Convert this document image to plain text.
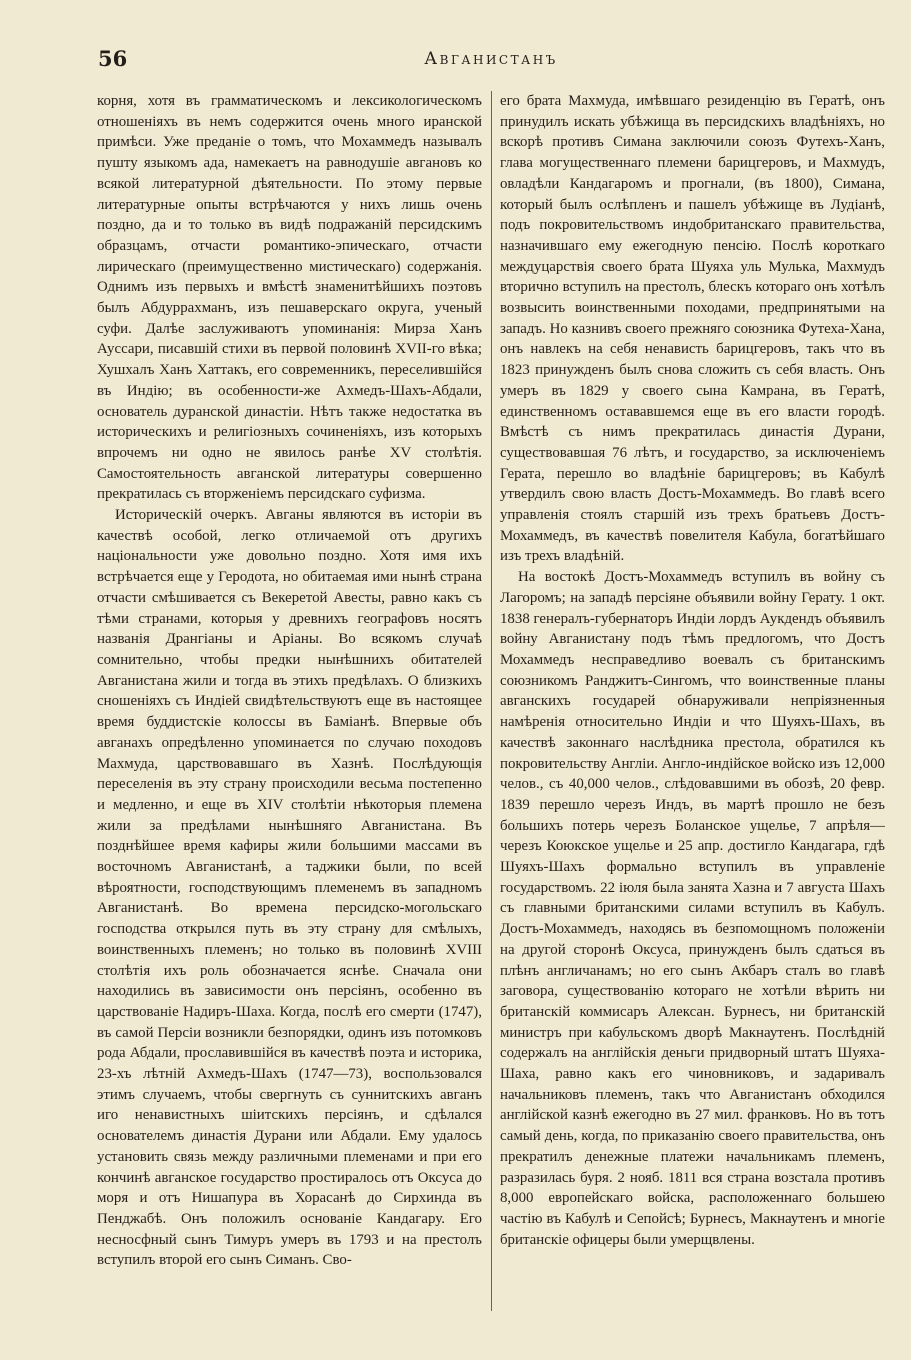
56	Авганистанъ

корня, хотя въ грамматическомъ и лексикологическомъ отношеніяхъ въ немъ содержится очень много иранской примѣси. Уже преданіе о томъ, что Мохаммедъ называлъ пушту языкомъ ада, намекаетъ на равнодушіе авгановъ ко всякой литературной дѣятельности. По этому первые литературные опыты встрѣчаются у нихъ лишь очень поздно, да и то только въ видѣ подражаній персидскимъ образцамъ, отчасти романтико-эпическаго, отчасти лирическаго (преимущественно мистическаго) содержанія. Однимъ изъ первыхъ и вмѣстѣ знаменитѣйшихъ поэтовъ былъ Абдуррахманъ, изъ пешаверскаго округа, ученый суфи. Далѣе заслуживаютъ упоминанія: Мирза Ханъ Ауссари, писавшій стихи въ первой половинѣ XVII-го вѣка; Хушхалъ Ханъ Хаттакъ, его современникъ, переселившійся въ Индію; въ особенности-же Ахмедъ-Шахъ-Абдали, основатель дуранской династіи. Нѣтъ также недостатка въ историческихъ и религіозныхъ сочиненіяхъ, изъ которыхъ впрочемъ ни одно не явилось ранѣе XV столѣтія. Самостоятельность авганской литературы совершенно прекратилась съ вторженіемъ персидскаго суфизма.

Историческій очеркъ. Авганы являются въ исторіи въ качествѣ особой, легко отличаемой отъ другихъ національности уже довольно поздно. Хотя имя ихъ встрѣчается еще у Геродота, но обитаемая ими нынѣ страна отчасти смѣшивается съ Векеретой Авесты, равно какъ съ тѣми странами, которыя у древнихъ географовъ носятъ названія Дрангіаны и Аріаны. Во всякомъ случаѣ сомнительно, чтобы предки нынѣшнихъ обитателей Авганистана жили и тогда въ этихъ предѣлахъ. О близкихъ сношеніяхъ съ Индіей свидѣтельствуютъ еще въ настоящее время буддистскіе колоссы въ Баміанѣ. Впервые объ авганахъ опредѣленно упоминается по случаю походовъ Махмуда, царствовавшаго въ Хазнѣ. Послѣдующія переселенія въ эту страну происходили весьма постепенно и медленно, и еще въ XIV столѣтіи нѣкоторыя племена жили за предѣлами нынѣшняго Авганистана. Въ позднѣйшее время кафиры жили большими массами въ восточномъ Авганистанѣ, а таджики были, по всей вѣроятности, господствующимъ племенемъ въ западномъ Авганистанѣ. Во времена персидско-могольскаго господства открылся путь въ эту страну для смѣлыхъ, воинственныхъ племенъ; но только въ половинѣ XVIII столѣтія ихъ роль обозначается яснѣе. Сначала они находились въ зависимости онъ персіянъ, особенно въ царствованіе Надиръ-Шаха. Когда, послѣ его смерти (1747), въ самой Персіи возникли безпорядки, одинъ изъ потомковъ рода Абдали, прославившійся въ качествѣ поэта и историка, 23-хъ лѣтній Ахмедъ-Шахъ (1747—73), воспользовался этимъ случаемъ, чтобы свергнуть съ суннитскихъ авганъ иго ненавистныхъ шіитскихъ персіянъ, и сдѣлался основателемъ династія Дурани или Абдали. Ему удалось установить связь между различными племенами и при его кончинѣ авганское государство простиралось отъ Оксуса до моря и отъ Нишапура въ Хорасанѣ до Сирхинда въ Пенджабѣ. Онъ положилъ основаніе Кандагару. Его несносфный сынъ Тимуръ умеръ въ 1793 и на престолъ вступилъ второй его сынъ Симанъ. Сво-

его брата Махмуда, имѣвшаго резиденцію въ Гератѣ, онъ принудилъ искать убѣжища въ персидскихъ владѣніяхъ, но вскорѣ противъ Симана заключили союзъ Футехъ-Ханъ, глава могущественнаго племени барицгеровъ, и Махмудъ, овладѣли Кандагаромъ и прогнали, (въ 1800), Симана, который былъ ослѣпленъ и пашелъ убѣжище въ Лудіанѣ, подъ покровительствомъ индобританскаго правительства, назначившаго ему ежегодную пенсію. Послѣ короткаго междуцарствія своего брата Шуяха уль Мулька, Махмудъ вторично вступилъ на престолъ, блескъ котораго онъ хотѣлъ возвысить воинственными походами, предпринятыми на западъ. Но казнивъ своего прежняго союзника Футеха-Хана, онъ навлекъ на себя ненависть барицгеровъ, такъ что въ 1823 принужденъ былъ снова сложить съ себя власть. Онъ умеръ въ 1829 у своего сына Камрана, въ Гератѣ, единственномъ остававшемся еще въ его власти городѣ. Вмѣстѣ съ нимъ прекратилась династія Дурани, существовавшая 76 лѣтъ, и государство, за исключеніемъ Герата, перешло во владѣніе барицгеровъ; въ Кабулѣ утвердилъ свою власть Достъ-Мохаммедъ. Во главѣ всего управленія стоялъ старшій изъ трехъ братьевъ Достъ-Мохаммедъ, въ качествѣ повелителя Кабула, богатѣйшаго изъ трехъ владѣній.

На востокѣ Достъ-Мохаммедъ вступилъ въ войну съ Лагоромъ; на западѣ персіяне объявили войну Герату. 1 окт. 1838 генералъ-губернаторъ Индіи лордъ Аукдендъ объявилъ войну Авганистану подъ тѣмъ предлогомъ, что Достъ Мохаммедъ несправедливо воевалъ съ британскимъ союзникомъ Ранджитъ-Сингомъ, что воинственные планы авганскихъ государей обнаруживали непріязненныя намѣренія относительно Индіи и что Шуяхъ-Шахъ, въ качествѣ законнаго наслѣдника престола, обратился къ покровительству Англіи. Англо-индійское войско изъ 12,000 челов., съ 40,000 челов., слѣдовавшими въ обозѣ, 20 февр. 1839 перешло черезъ Индъ, въ мартѣ прошло не безъ большихъ потерь черезъ Боланское ущелье, 7 апрѣля—черезъ Коюкское ущелье и 25 апр. достигло Кандагара, гдѣ Шуяхъ-Шахъ формально вступилъ въ управленіе государствомъ. 22 іюля была занята Хазна и 7 августа Шахъ съ главными британскими силами вступилъ въ Кабулъ. Достъ-Мохаммедъ, находясь въ безпомощномъ положеніи на другой сторонѣ Оксуса, принужденъ былъ сдаться въ плѣнъ англичанамъ; но его сынъ Акбаръ сталъ во главѣ заговора, существованію котораго не хотѣли вѣрить ни британскій коммисаръ Алексан. Бурнесъ, ни британскій министръ при кабульскомъ дворѣ Макнаутенъ. Послѣдній содержалъ на англійскія деньги придворный штатъ Шуяха-Шаха, равно какъ его чиновниковъ, и задаривалъ начальниковъ племенъ, такъ что Авганистанъ обходился англійской казнѣ ежегодно въ 27 мил. франковъ. Но въ тотъ самый день, когда, по приказанію своего правительства, онъ прекратилъ денежные платежи начальникамъ племенъ, разразилась буря. 2 нояб. 1811 вся страна возстала противъ 8,000 европейскаго войска, расположеннаго большею частію въ Кабулѣ и Сепойсѣ; Бурнесъ, Макнаутенъ и многіе британскіе офицеры были умерщвлены.
